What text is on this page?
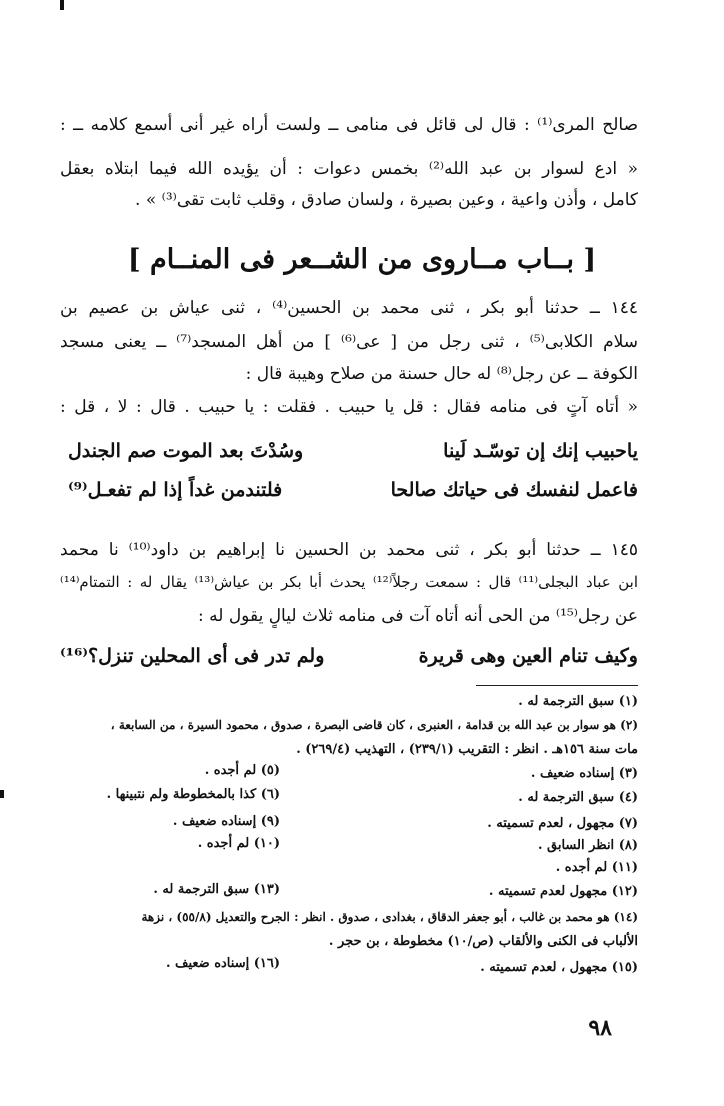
صالح المرى⁽¹⁾ : قال لى قائل فى منامى ــ ولست أراه غير أنى أسمع كلامه ــ :
« ادع لسوار بن عبد الله⁽²⁾ بخمس دعوات : أن يؤيده الله فيما ابتلاه بعقل
كامل ، وأذن واعية ، وعين بصيرة ، ولسان صادق ، وقلب ثابت تقى⁽³⁾ » .
[ بــاب مــاروى من الشــعر فى المنــام ]
١٤٤ ــ حدثنا أبو بكر ، ثنى محمد بن الحسين⁽⁴⁾ ، ثنى عياش بن عصيم بن
سلام الكلابى⁽⁵⁾ ، ثنى رجل من [ عى⁽⁶⁾ ] من أهل المسجد⁽⁷⁾ ــ يعنى مسجد
الكوفة ــ عن رجل⁽⁸⁾ له حال حسنة من صلاح وهيبة قال :
« أتاه آتٍ فى منامه فقال : قل يا حبيب . فقلت : يا حبيب . قال : لا ، قل :
ياحبيب إنك إن توسّـد لَينا
وسُدْتَ بعد الموت صم الجندل
فاعمل لنفسك فى حياتك صالحا
فلتندمن غداً إذا لم تفعـل⁽⁹⁾
١٤٥ ــ حدثنا أبو بكر ، ثنى محمد بن الحسين نا إبراهيم بن داود⁽¹⁰⁾ نا محمد
ابن عباد البجلى⁽¹¹⁾ قال : سمعت رجلاً⁽¹²⁾ يحدث أبا بكر بن عياش⁽¹³⁾ يقال له : التمتام⁽¹⁴⁾
عن رجل⁽¹⁵⁾ من الحى أنه أتاه آت فى منامه ثلاث ليالٍ يقول له :
وكيف تنام العين وهى قريرة
ولم تدر فى أى المحلين تنزل؟⁽¹⁶⁾
(١) سبق الترجمة له .
(٢) هو سوار بن عبد الله بن قدامة ، العنبرى ، كان قاضى البصرة ، صدوق ، محمود السيرة ، من السابعة ،
مات سنة ١٥٦هـ . انظر : التقريب (٢٣٩/١) ، التهذيب (٢٦٩/٤) .
(٣) إسناده ضعيف .
(٥) لم أجده .
(٤) سبق الترجمة له .
(٦) كذا بالمخطوطة ولم نتبينها .
(٧) مجهول ، لعدم تسميته .
(٩) إسناده ضعيف .
(٨) انظر السابق .
(١٠) لم أجده .
(١١) لم أجده .
(١٢) مجهول لعدم تسميته .
(١٣) سبق الترجمة له .
(١٤) هو محمد بن غالب ، أبو جعفر الدقاق ، بغدادى ، صدوق . انظر : الجرح والتعديل (٥٥/٨) ، نزهة
الألباب فى الكنى والألقاب (ص/١٠) مخطوطة ، بن حجر .
(١٥) مجهول ، لعدم تسميته .
(١٦) إسناده ضعيف .
٩٨
